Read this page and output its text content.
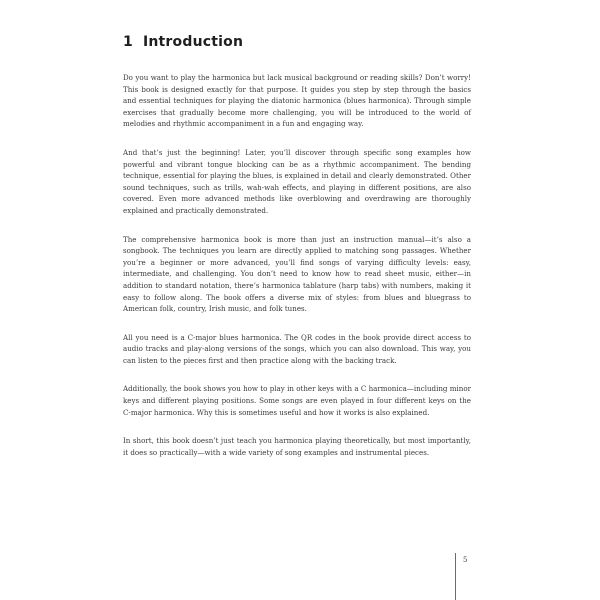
1 Introduction

Do you want to play the harmonica but lack musical background or reading skills? Don’t worry! This book is designed exactly for that purpose. It guides you step by step through the basics and essential techniques for playing the diatonic harmonica (blues harmonica). Through simple exercises that gradually become more challenging, you will be introduced to the world of melodies and rhythmic accompaniment in a fun and engaging way.

And that’s just the beginning! Later, you’ll discover through specific song examples how powerful and vibrant tongue blocking can be as a rhythmic accompaniment. The bending technique, essential for playing the blues, is explained in detail and clearly demonstrated. Other sound techniques, such as trills, wah-wah effects, and playing in different positions, are also covered. Even more advanced methods like overblowing and overdrawing are thoroughly explained and practically demonstrated.

The comprehensive harmonica book is more than just an instruction manual—it’s also a songbook. The techniques you learn are directly applied to matching song passages. Whether you’re a beginner or more advanced, you’ll find songs of varying difficulty levels: easy, intermediate, and challenging. You don’t need to know how to read sheet music, either—in addition to standard notation, there’s harmonica tablature (harp tabs) with numbers, making it easy to follow along. The book offers a diverse mix of styles: from blues and bluegrass to American folk, country, Irish music, and folk tunes.

All you need is a C-major blues harmonica. The QR codes in the book provide direct access to audio tracks and play-along versions of the songs, which you can also download. This way, you can listen to the pieces first and then practice along with the backing track.

Additionally, the book shows you how to play in other keys with a C harmonica—including minor keys and different playing positions. Some songs are even played in four different keys on the C-major harmonica. Why this is sometimes useful and how it works is also explained.

In short, this book doesn’t just teach you harmonica playing theoretically, but most importantly, it does so practically—with a wide variety of song examples and instrumental pieces.

5
